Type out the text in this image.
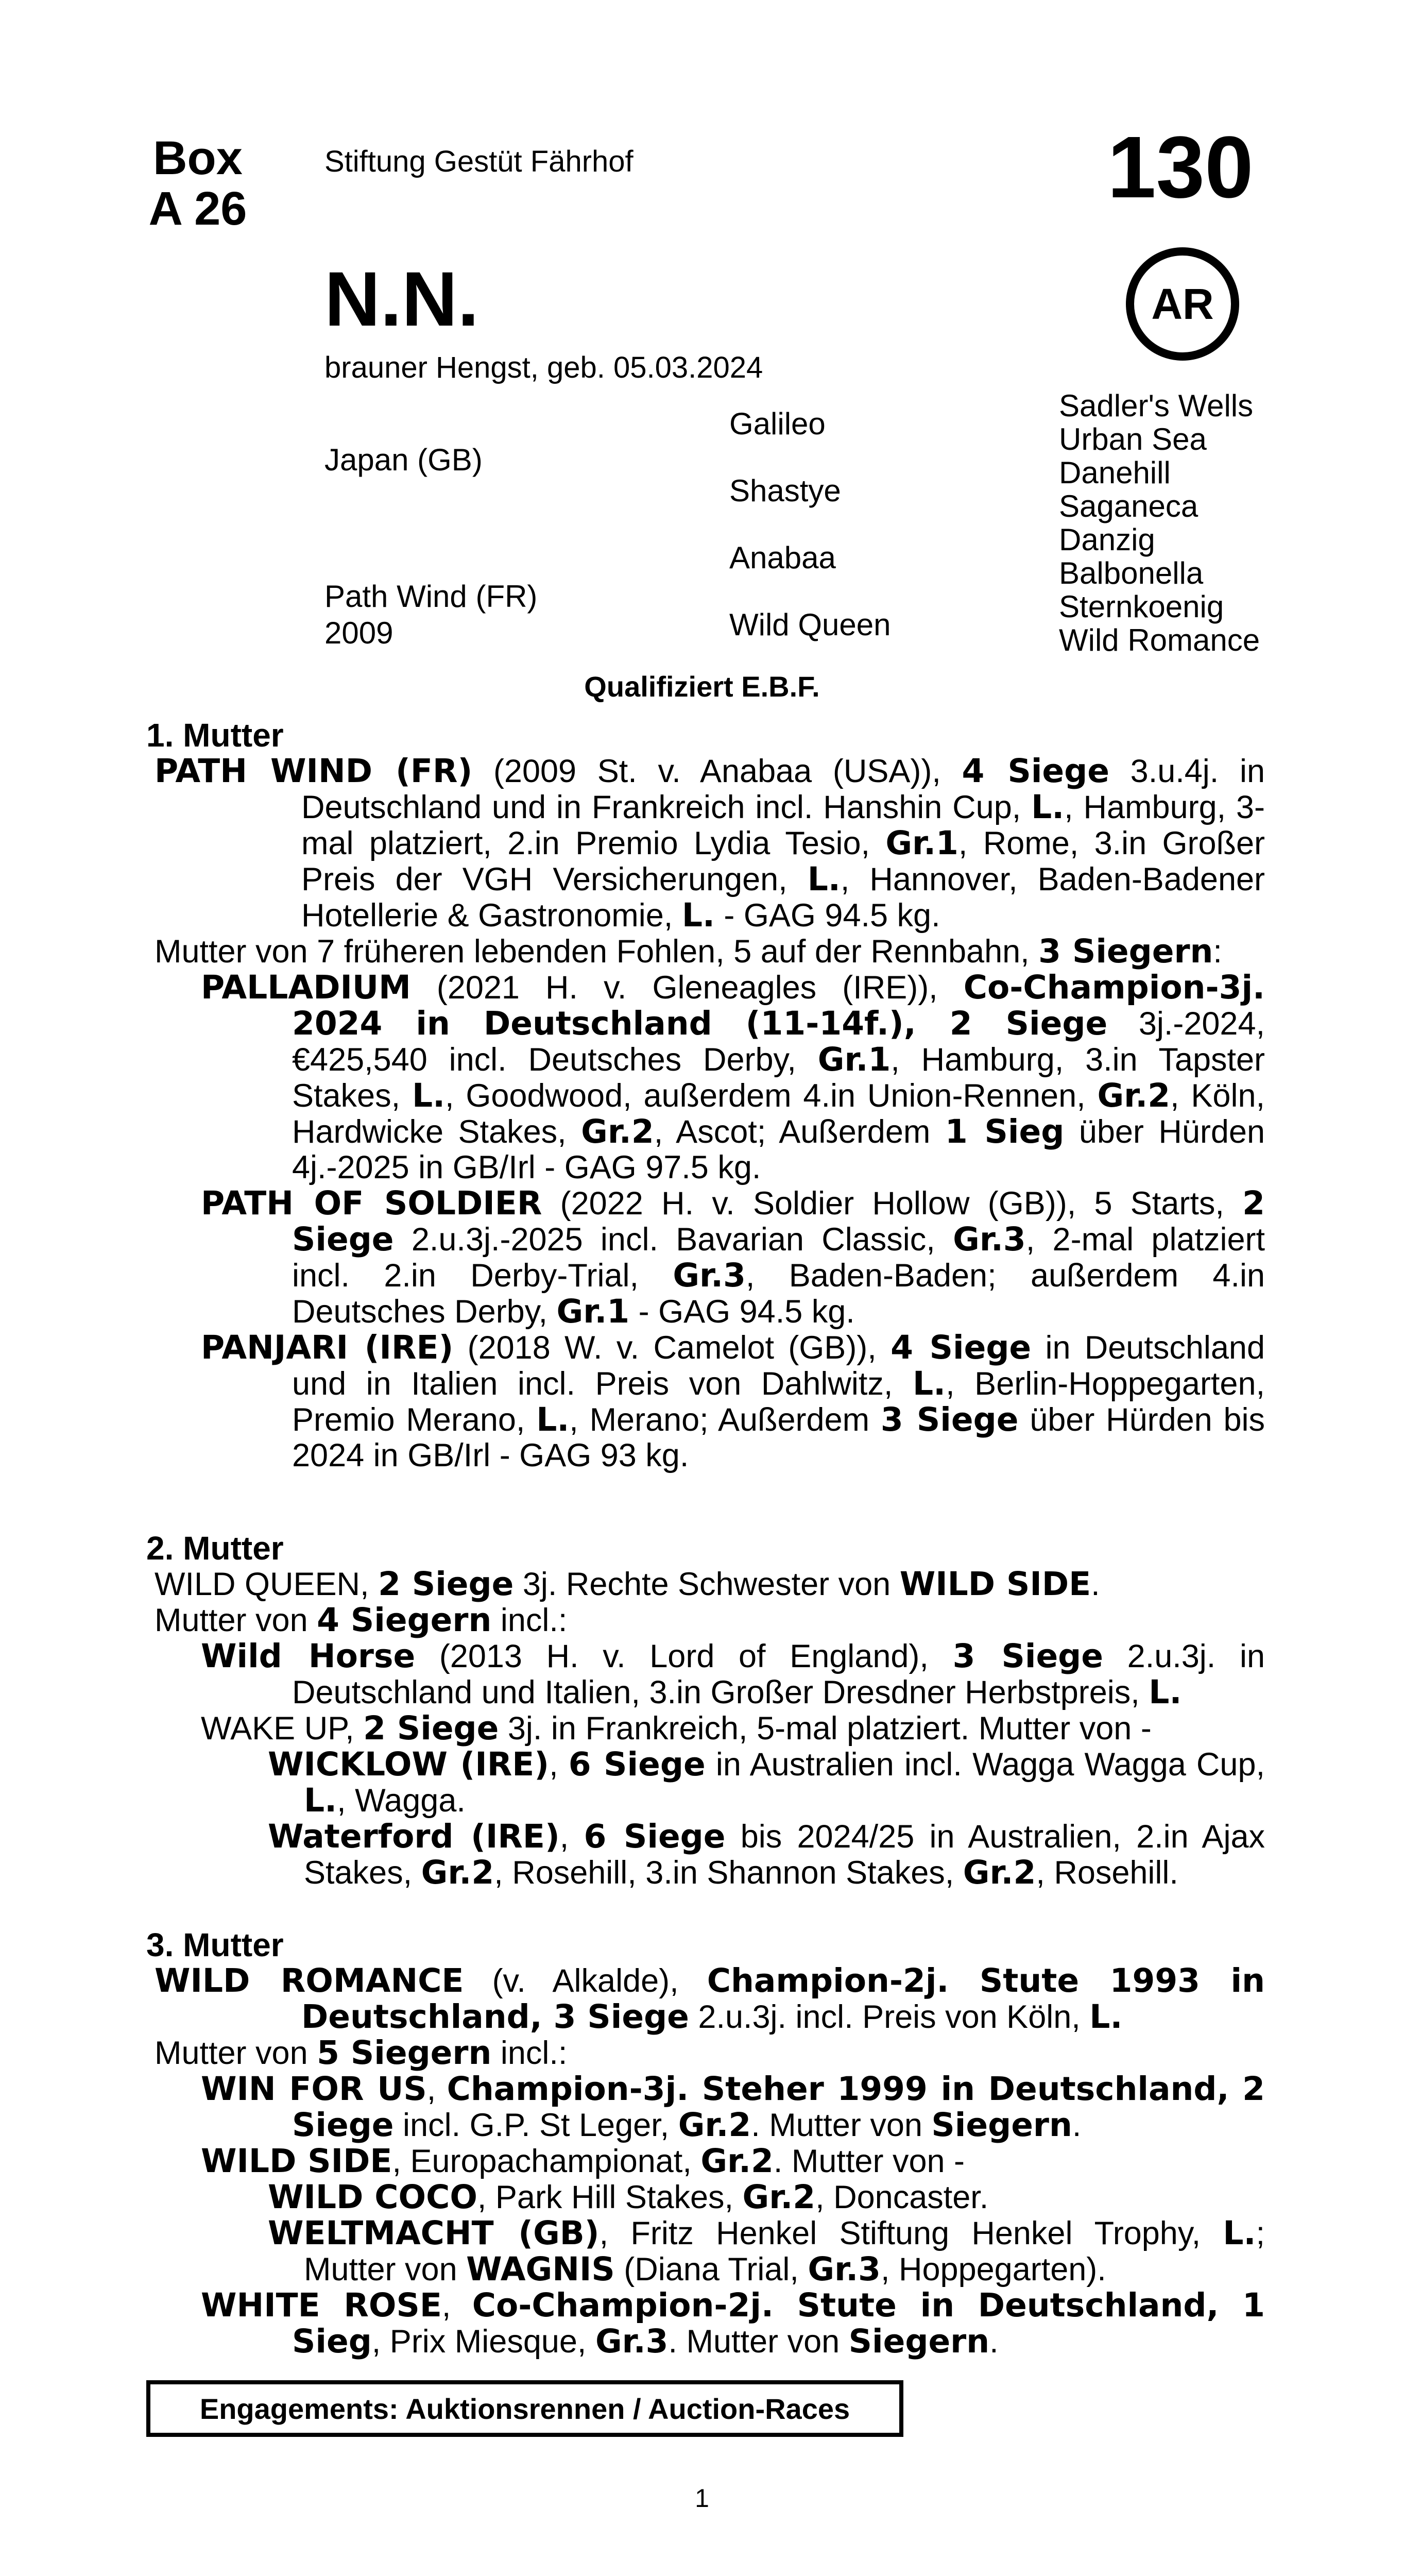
Box
A 26
Stiftung Gestüt Fährhof	130
AR
N.N.
brauner Hengst, geb. 05.03.2024
Japan (GB)
Path Wind (FR)
2009
Galileo
Shastye
Anabaa
Wild Queen
Sadler's Wells
Urban Sea
Danehill
Saganeca
Danzig
Balbonella
Sternkoenig
Wild Romance
Qualifiziert E.B.F.
1. Mutter

PATH WIND (FR) (2009 St. v. Anabaa (USA)), 4 Siege 3.u.4j. in Deutschland und in Frankreich incl. Hanshin Cup, L., Hamburg, 3-mal platziert, 2.in Premio Lydia Tesio, Gr.1, Rome, 3.in Großer Preis der VGH Versicherungen, L., Hannover, Baden-Badener Hotellerie & Gastronomie, L. - GAG 94.5 kg.

Mutter von 7 früheren lebenden Fohlen, 5 auf der Rennbahn, 3 Siegern:

PALLADIUM (2021 H. v. Gleneagles (IRE)), Co-Champion-3j. 2024 in Deutschland (11-14f.), 2 Siege 3j.-2024, €425,540 incl. Deutsches Derby, Gr.1, Hamburg, 3.in Tapster Stakes, L., Goodwood, außerdem 4.in Union-Rennen, Gr.2, Köln, Hardwicke Stakes, Gr.2, Ascot; Außerdem 1 Sieg über Hürden 4j.-2025 in GB/Irl - GAG 97.5 kg.

PATH OF SOLDIER (2022 H. v. Soldier Hollow (GB)), 5 Starts, 2 Siege 2.u.3j.-2025 incl. Bavarian Classic, Gr.3, 2-mal platziert incl. 2.in Derby-Trial, Gr.3, Baden-Baden; außerdem 4.in Deutsches Derby, Gr.1 - GAG 94.5 kg.

PANJARI (IRE) (2018 W. v. Camelot (GB)), 4 Siege in Deutschland und in Italien incl. Preis von Dahlwitz, L., Berlin-Hoppegarten, Premio Merano, L., Merano; Außerdem 3 Siege über Hürden bis 2024 in GB/Irl - GAG 93 kg.

2. Mutter

WILD QUEEN, 2 Siege 3j. Rechte Schwester von WILD SIDE.

Mutter von 4 Siegern incl.:

Wild Horse (2013 H. v. Lord of England), 3 Siege 2.u.3j. in Deutschland und Italien, 3.in Großer Dresdner Herbstpreis, L.

WAKE UP, 2 Siege 3j. in Frankreich, 5-mal platziert. Mutter von -

WICKLOW (IRE), 6 Siege in Australien incl. Wagga Wagga Cup, L., Wagga.

Waterford (IRE), 6 Siege bis 2024/25 in Australien, 2.in Ajax Stakes, Gr.2, Rosehill, 3.in Shannon Stakes, Gr.2, Rosehill.

3. Mutter

WILD ROMANCE (v. Alkalde), Champion-2j. Stute 1993 in Deutschland, 3 Siege 2.u.3j. incl. Preis von Köln, L.

Mutter von 5 Siegern incl.:

WIN FOR US, Champion-3j. Steher 1999 in Deutschland, 2 Siege incl. G.P. St Leger, Gr.2. Mutter von Siegern.

WILD SIDE, Europachampionat, Gr.2. Mutter von -

WILD COCO, Park Hill Stakes, Gr.2, Doncaster.

WELTMACHT (GB), Fritz Henkel Stiftung Henkel Trophy, L.; Mutter von WAGNIS (Diana Trial, Gr.3, Hoppegarten).

WHITE ROSE, Co-Champion-2j. Stute in Deutschland, 1 Sieg, Prix Miesque, Gr.3. Mutter von Siegern.

Engagements: Auktionsrennen / Auction-Races
1
